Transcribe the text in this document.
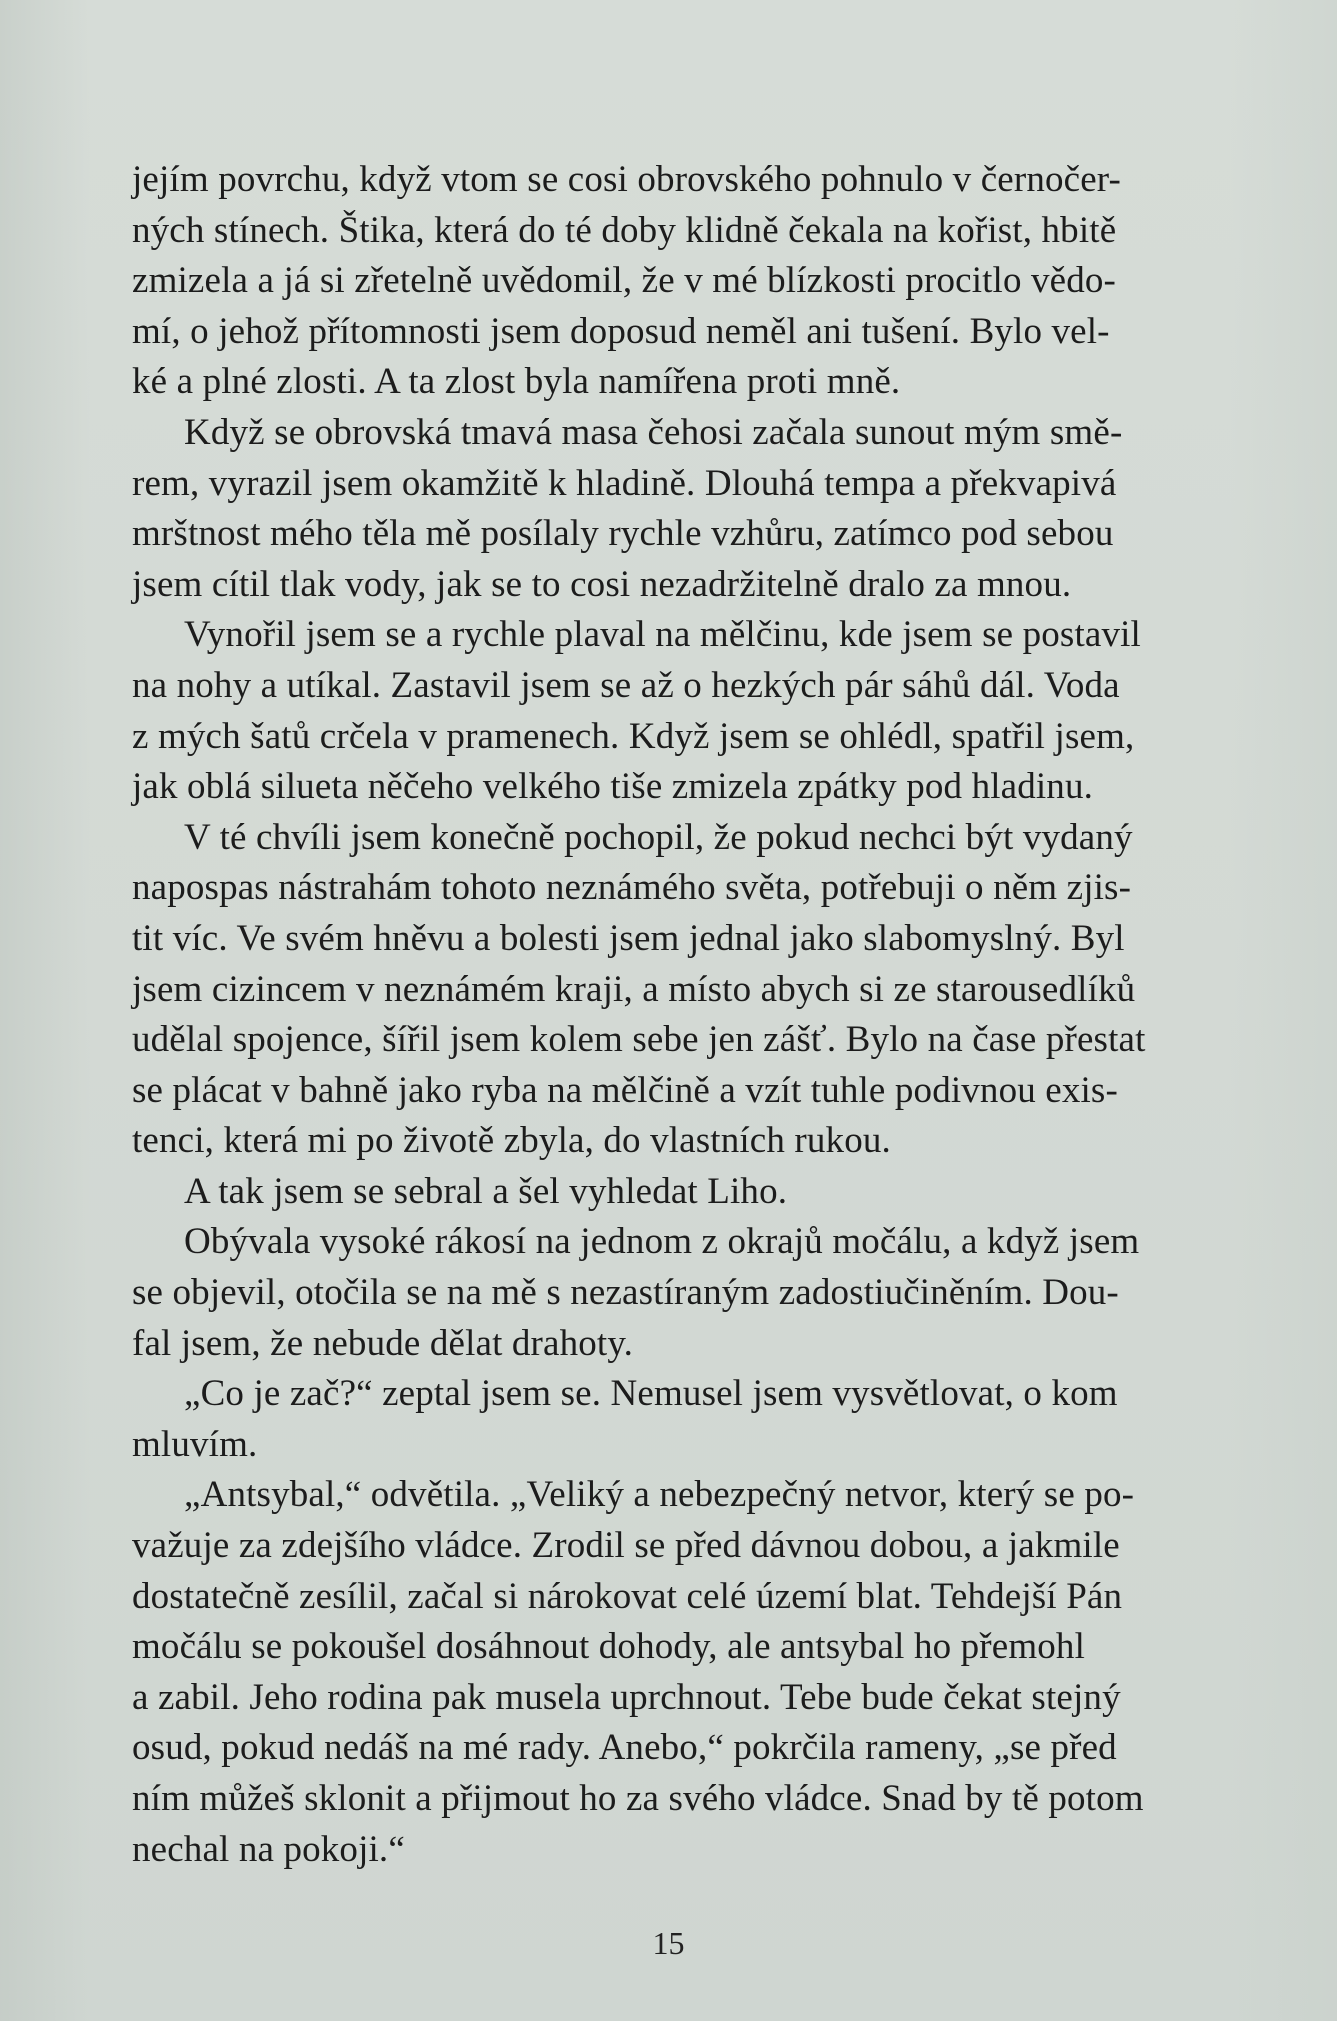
jejím povrchu, když vtom se cosi obrovského pohnulo v černočer-
ných stínech. Štika, která do té doby klidně čekala na kořist, hbitě
zmizela a já si zřetelně uvědomil, že v mé blízkosti procitlo vědo-
mí, o jehož přítomnosti jsem doposud neměl ani tušení. Bylo vel-
ké a plné zlosti. A ta zlost byla namířena proti mně.
Když se obrovská tmavá masa čehosi začala sunout mým smě-
rem, vyrazil jsem okamžitě k hladině. Dlouhá tempa a překvapivá
mrštnost mého těla mě posílaly rychle vzhůru, zatímco pod sebou
jsem cítil tlak vody, jak se to cosi nezadržitelně dralo za mnou.
Vynořil jsem se a rychle plaval na mělčinu, kde jsem se postavil
na nohy a utíkal. Zastavil jsem se až o hezkých pár sáhů dál. Voda
z mých šatů crčela v pramenech. Když jsem se ohlédl, spatřil jsem,
jak oblá silueta něčeho velkého tiše zmizela zpátky pod hladinu.
V té chvíli jsem konečně pochopil, že pokud nechci být vydaný
napospas nástrahám tohoto neznámého světa, potřebuji o něm zjis-
tit víc. Ve svém hněvu a bolesti jsem jednal jako slabomyslný. Byl
jsem cizincem v neznámém kraji, a místo abych si ze starousedlíků
udělal spojence, šířil jsem kolem sebe jen zášť. Bylo na čase přestat
se plácat v bahně jako ryba na mělčině a vzít tuhle podivnou exis-
tenci, která mi po životě zbyla, do vlastních rukou.
A tak jsem se sebral a šel vyhledat Liho.
Obývala vysoké rákosí na jednom z okrajů močálu, a když jsem
se objevil, otočila se na mě s nezastíraným zadostiučiněním. Dou-
fal jsem, že nebude dělat drahoty.
„Co je zač?“ zeptal jsem se. Nemusel jsem vysvětlovat, o kom
mluvím.
„Antsybal,“ odvětila. „Veliký a nebezpečný netvor, který se po-
važuje za zdejšího vládce. Zrodil se před dávnou dobou, a jakmile
dostatečně zesílil, začal si nárokovat celé území blat. Tehdejší Pán
močálu se pokoušel dosáhnout dohody, ale antsybal ho přemohl
a zabil. Jeho rodina pak musela uprchnout. Tebe bude čekat stejný
osud, pokud nedáš na mé rady. Anebo,“ pokrčila rameny, „se před
ním můžeš sklonit a přijmout ho za svého vládce. Snad by tě potom
nechal na pokoji.“
15
